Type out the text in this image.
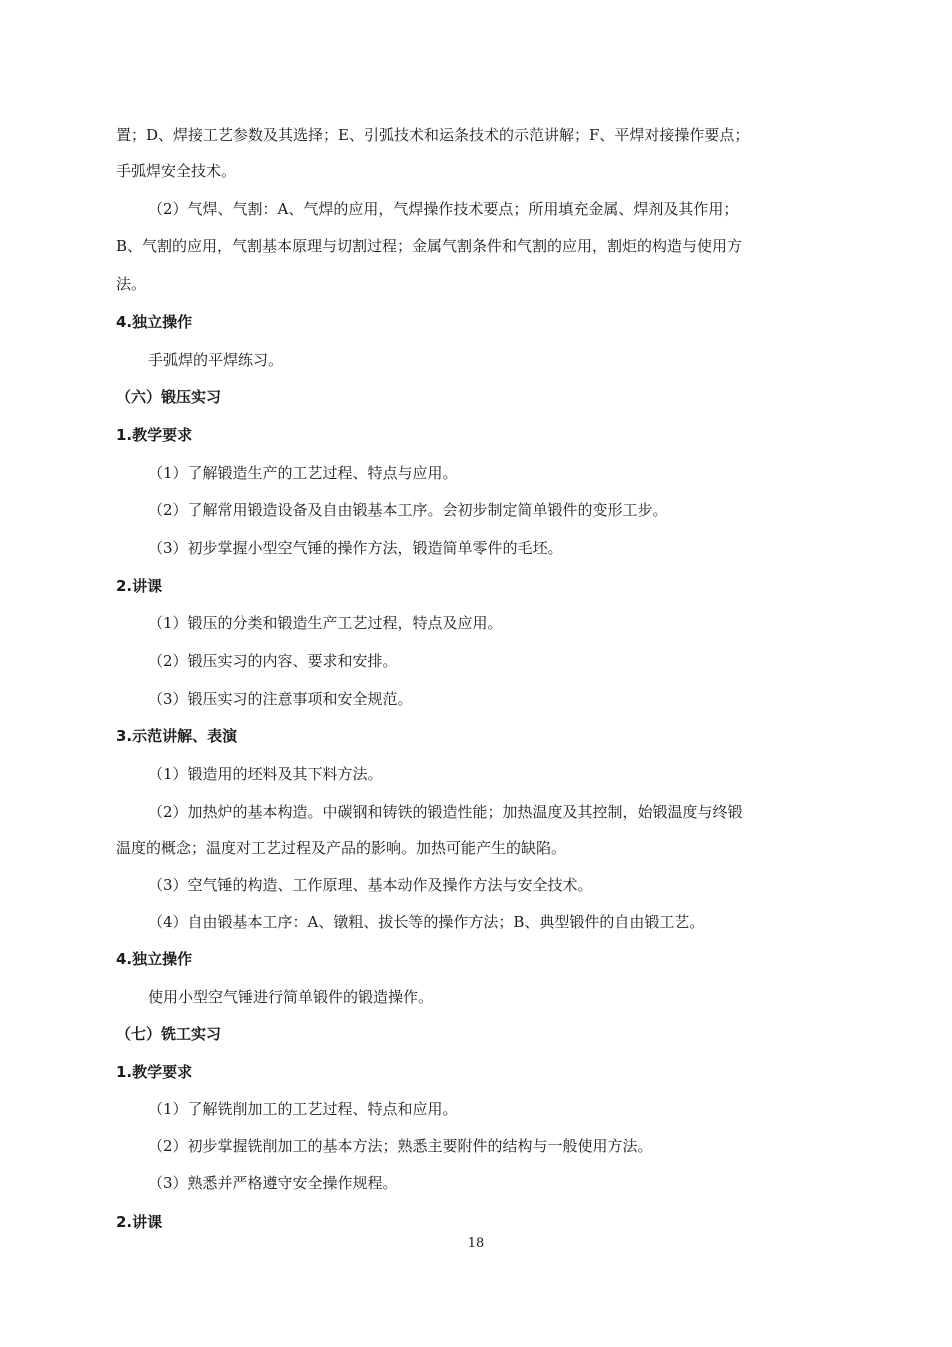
置；D、焊接工艺参数及其选择；E、引弧技术和运条技术的示范讲解；F、平焊对接操作要点；
手弧焊安全技术。
（2）气焊、气割：A、气焊的应用，气焊操作技术要点；所用填充金属、焊剂及其作用；
B、气割的应用，气割基本原理与切割过程；金属气割条件和气割的应用，割炬的构造与使用方
法。
4.独立操作
手弧焊的平焊练习。
（六）锻压实习
1.教学要求
（1）了解锻造生产的工艺过程、特点与应用。
（2）了解常用锻造设备及自由锻基本工序。会初步制定简单锻件的变形工步。
（3）初步掌握小型空气锤的操作方法，锻造简单零件的毛坯。
2.讲课
（1）锻压的分类和锻造生产工艺过程，特点及应用。
（2）锻压实习的内容、要求和安排。
（3）锻压实习的注意事项和安全规范。
3.示范讲解、表演
（1）锻造用的坯料及其下料方法。
（2）加热炉的基本构造。中碳钢和铸铁的锻造性能；加热温度及其控制，始锻温度与终锻
温度的概念；温度对工艺过程及产品的影响。加热可能产生的缺陷。
（3）空气锤的构造、工作原理、基本动作及操作方法与安全技术。
（4）自由锻基本工序：A、镦粗、拔长等的操作方法；B、典型锻件的自由锻工艺。
4.独立操作
使用小型空气锤进行简单锻件的锻造操作。
（七）铣工实习
1.教学要求
（1）了解铣削加工的工艺过程、特点和应用。
（2）初步掌握铣削加工的基本方法；熟悉主要附件的结构与一般使用方法。
（3）熟悉并严格遵守安全操作规程。
2.讲课
18
